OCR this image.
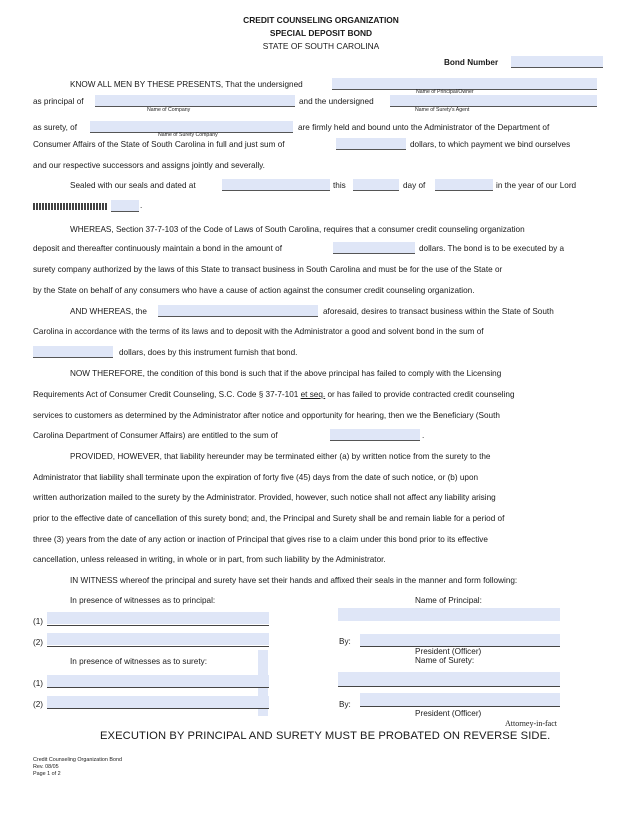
CREDIT COUNSELING ORGANIZATION
SPECIAL DEPOSIT BOND
STATE OF SOUTH CAROLINA
Bond Number
KNOW ALL MEN BY THESE PRESENTS, That the undersigned
Name of Principal/Owner
as principal of	and the undersigned
Name of Company	Name of Surety's Agent
as surety, of	are firmly held and bound unto the Administrator of the Department of
Name of Surety Company
Consumer Affairs of the State of South Carolina in full and just sum of	dollars, to which payment we bind ourselves
and our respective successors and assigns jointly and severally.
Sealed with our seals and dated at	this	day of	in the year of our Lord
.
WHEREAS, Section 37-7-103 of the Code of Laws of South Carolina, requires that a consumer credit counseling organization
deposit and thereafter continuously maintain a bond in the amount of	dollars. The bond is to be executed by a
surety company authorized by the laws of this State to transact business in South Carolina and must be for the use of the State or
by the State on behalf of any consumers who have a cause of action against the consumer credit counseling organization.
AND WHEREAS, the	aforesaid, desires to transact business within the State of South
Carolina in accordance with the terms of its laws and to deposit with the Administrator a good and solvent bond in the sum of
dollars, does by this instrument furnish that bond.
NOW THEREFORE, the condition of this bond is such that if the above principal has failed to comply with the Licensing
Requirements Act of Consumer Credit Counseling, S.C. Code § 37-7-101 et seq. or has failed to provide contracted credit counseling
services to customers as determined by the Administrator after notice and opportunity for hearing, then we the Beneficiary (South
Carolina Department of Consumer Affairs) are entitled to the sum of	.
PROVIDED, HOWEVER, that liability hereunder may be terminated either (a) by written notice from the surety to the
Administrator that liability shall terminate upon the expiration of forty five (45) days from the date of such notice, or (b) upon
written authorization mailed to the surety by the Administrator. Provided, however, such notice shall not affect any liability arising
prior to the effective date of cancellation of this surety bond; and, the Principal and Surety shall be and remain liable for a period of
three (3) years from the date of any action or inaction of Principal that gives rise to a claim under this bond prior to its effective
cancellation, unless released in writing, in whole or in part, from such liability by the Administrator.
IN WITNESS whereof the principal and surety have set their hands and affixed their seals in the manner and form following:
In presence of witnesses as to principal:	Name of Principal:
(1)
(2)	By:
President (Officer)
Name of Surety:
In presence of witnesses as to surety:
(1)
(2)	By:
President (Officer)
Attorney-in-fact
EXECUTION BY PRINCIPAL AND SURETY MUST BE PROBATED ON REVERSE SIDE.
Credit Counseling Organization Bond
Rev. 08/05
Page 1 of 2
